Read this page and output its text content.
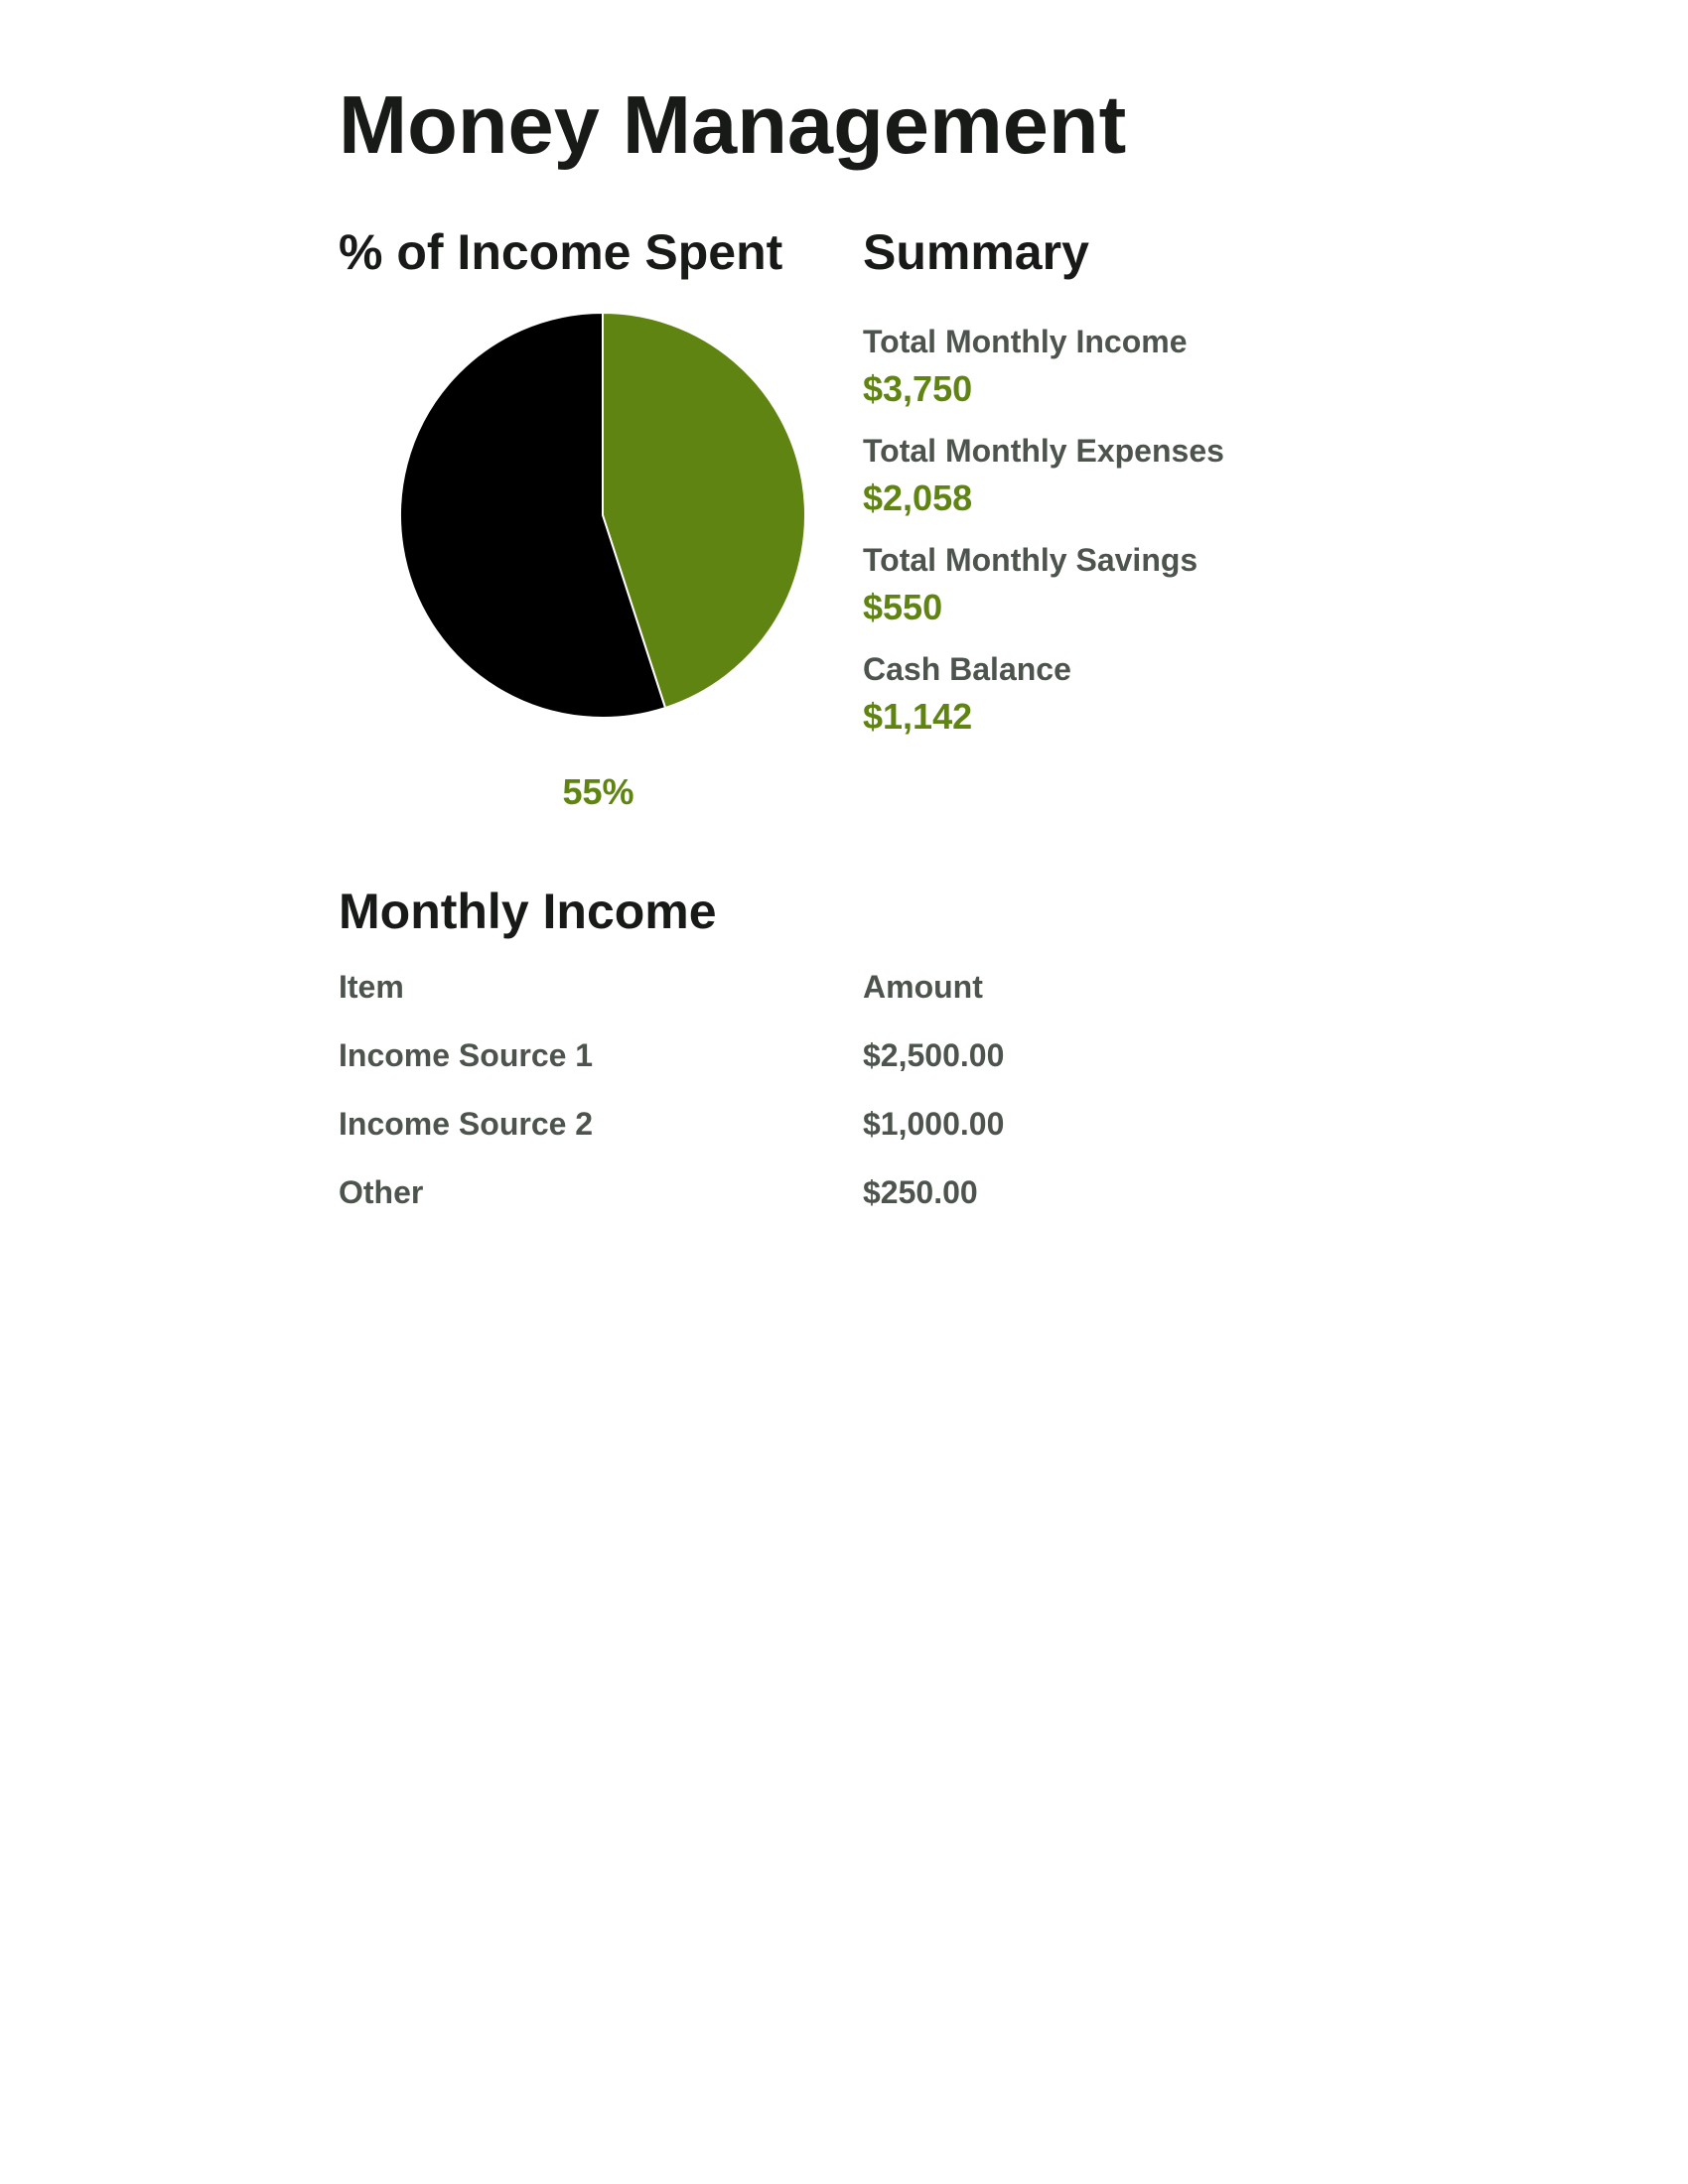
Money Management
% of Income Spent Summary
55%

Total Monthly Income

$3,750

Total Monthly Expenses

$2,058

Total Monthly Savings

$550

Cash Balance

$1,142

Monthly Income
Item	Amount
Income Source 1	$2,500.00
Income Source 2	$1,000.00
Other	$250.00
